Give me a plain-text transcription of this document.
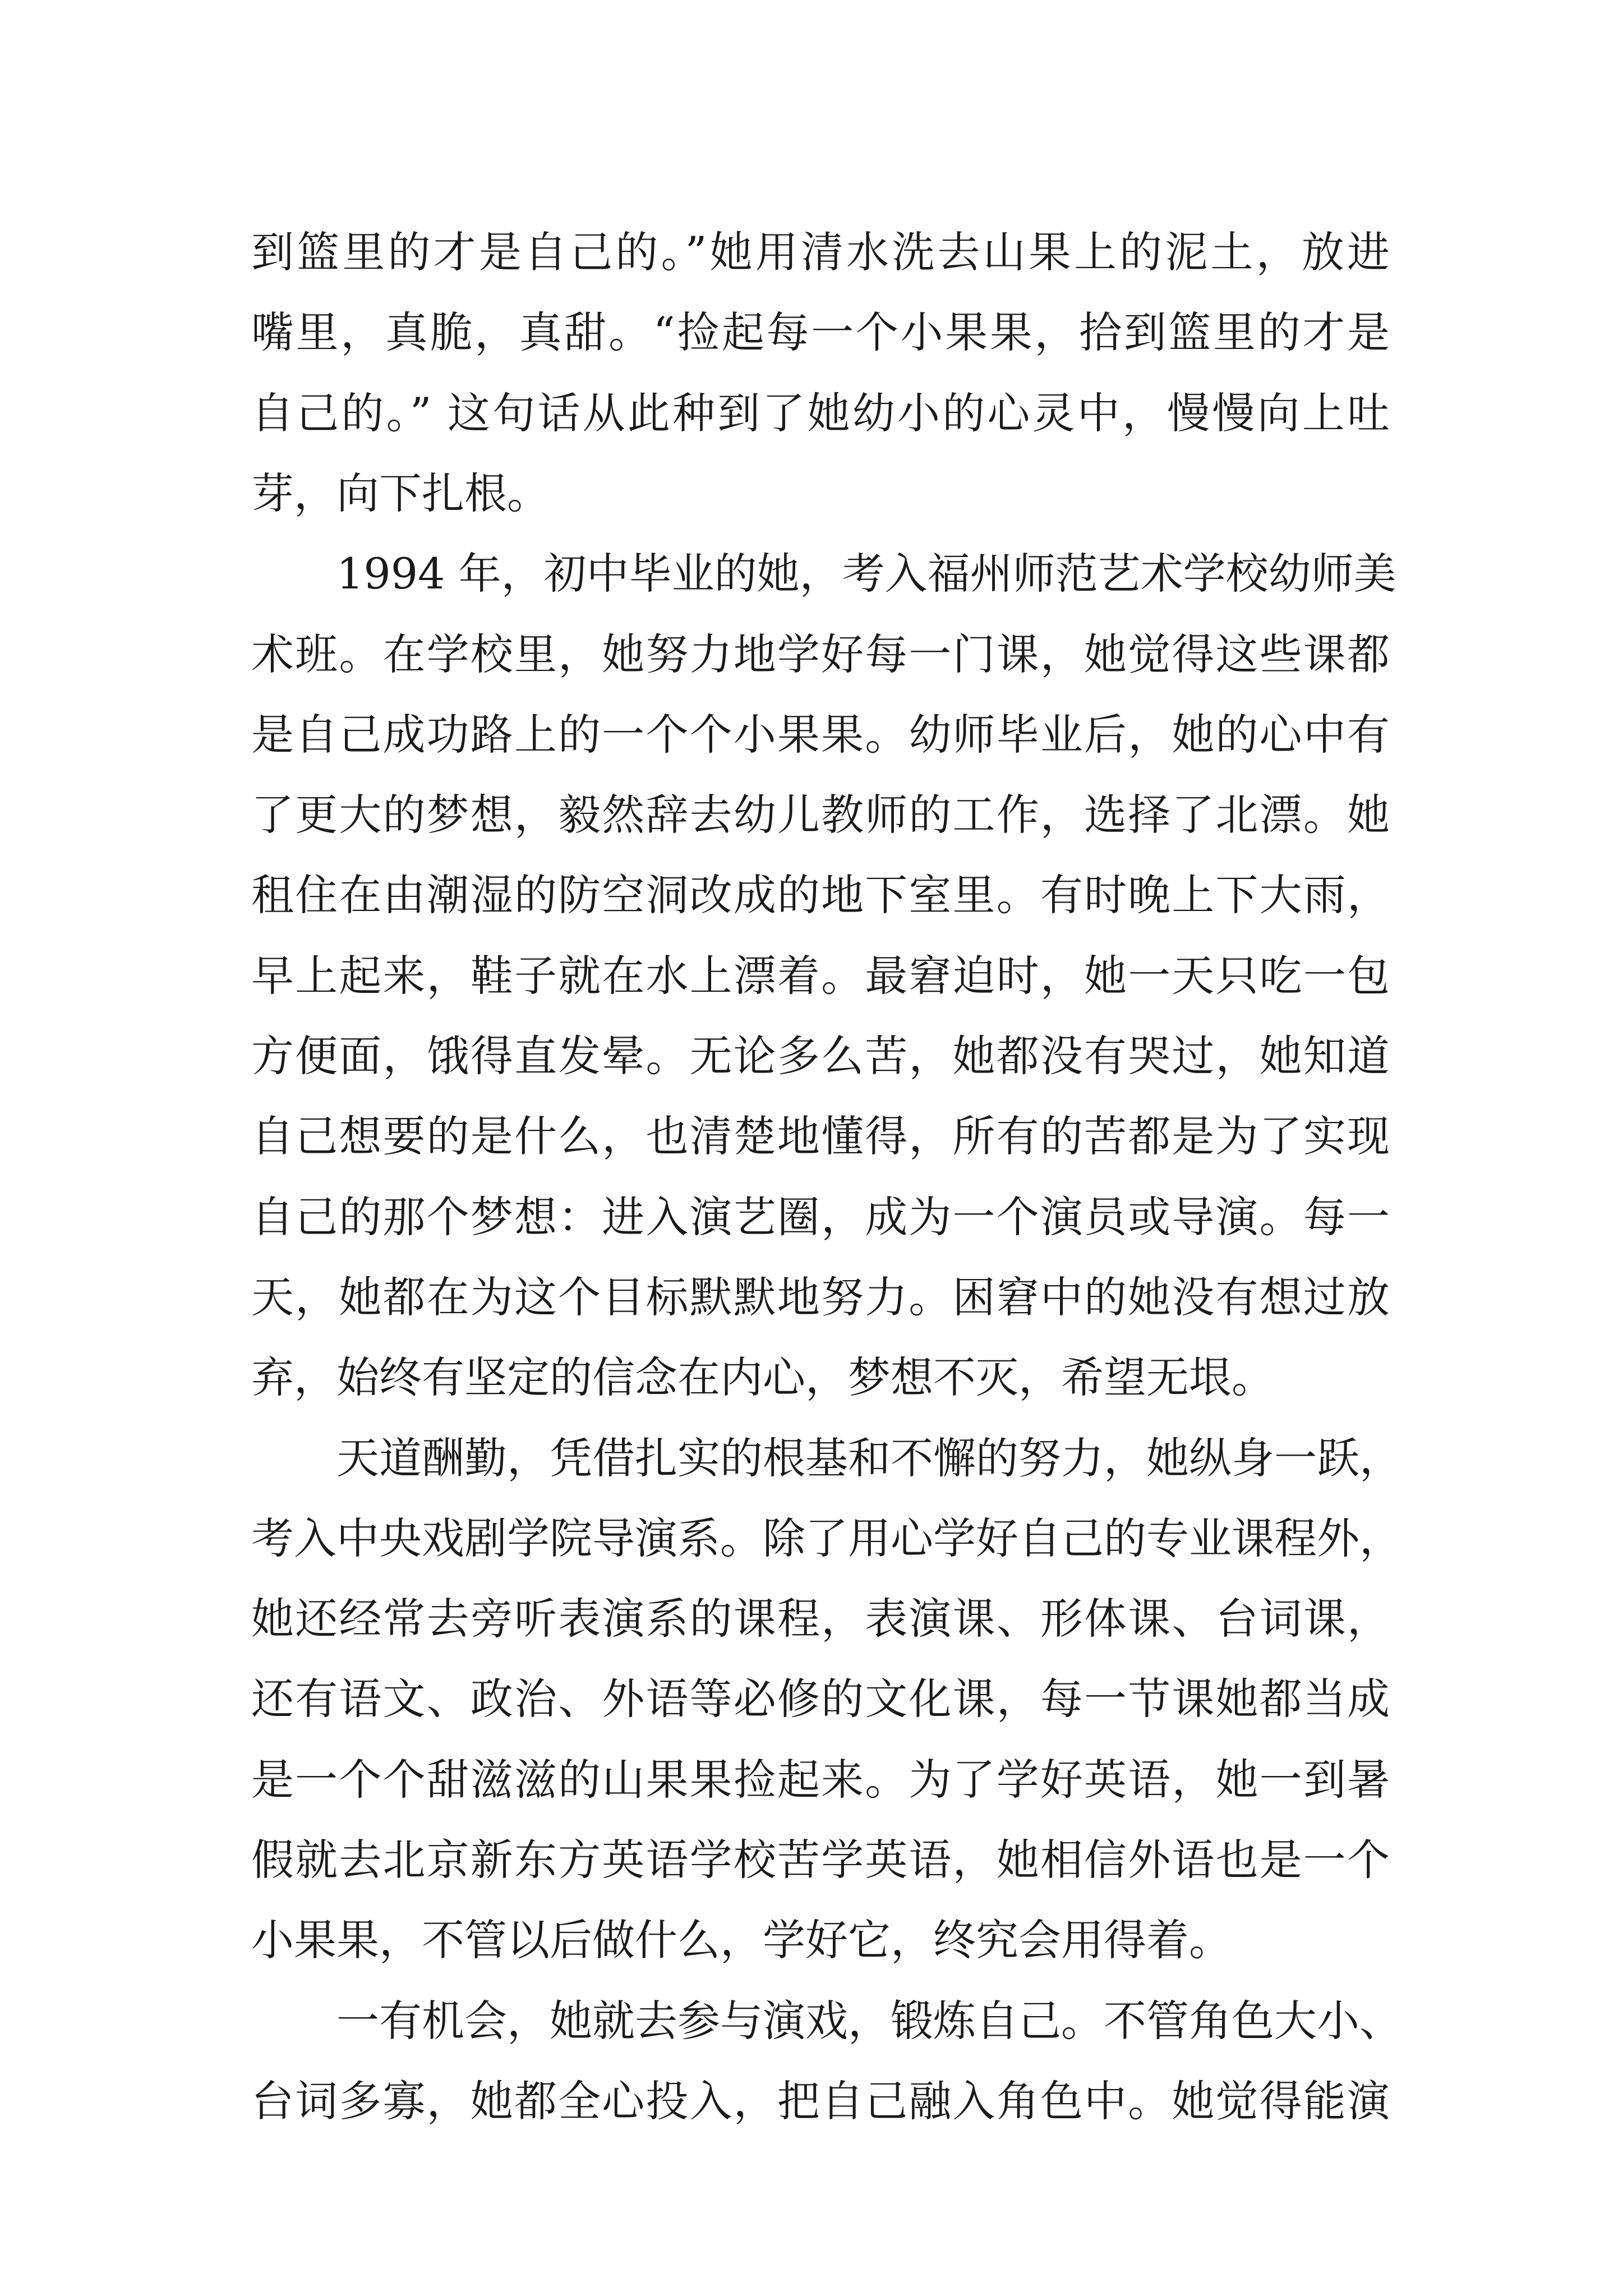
到篮里的才是自己的。”她用清水洗去山果上的泥土，放进
嘴里，真脆，真甜。“捡起每一个小果果，拾到篮里的才是
自己的。” 这句话从此种到了她幼小的心灵中，慢慢向上吐
芽，向下扎根。
1994 年，初中毕业的她，考入福州师范艺术学校幼师美
术班。在学校里，她努力地学好每一门课，她觉得这些课都
是自己成功路上的一个个小果果。幼师毕业后，她的心中有
了更大的梦想，毅然辞去幼儿教师的工作，选择了北漂。她
租住在由潮湿的防空洞改成的地下室里。有时晚上下大雨，
早上起来，鞋子就在水上漂着。最窘迫时，她一天只吃一包
方便面，饿得直发晕。无论多么苦，她都没有哭过，她知道
自己想要的是什么，也清楚地懂得，所有的苦都是为了实现
自己的那个梦想：进入演艺圈，成为一个演员或导演。每一
天，她都在为这个目标默默地努力。困窘中的她没有想过放
弃，始终有坚定的信念在内心，梦想不灭，希望无垠。
天道酬勤，凭借扎实的根基和不懈的努力，她纵身一跃，
考入中央戏剧学院导演系。除了用心学好自己的专业课程外，
她还经常去旁听表演系的课程，表演课、形体课、台词课，
还有语文、政治、外语等必修的文化课，每一节课她都当成
是一个个甜滋滋的山果果捡起来。为了学好英语，她一到暑
假就去北京新东方英语学校苦学英语，她相信外语也是一个
小果果，不管以后做什么，学好它，终究会用得着。
一有机会，她就去参与演戏，锻炼自己。不管角色大小、
台词多寡，她都全心投入，把自己融入角色中。她觉得能演
